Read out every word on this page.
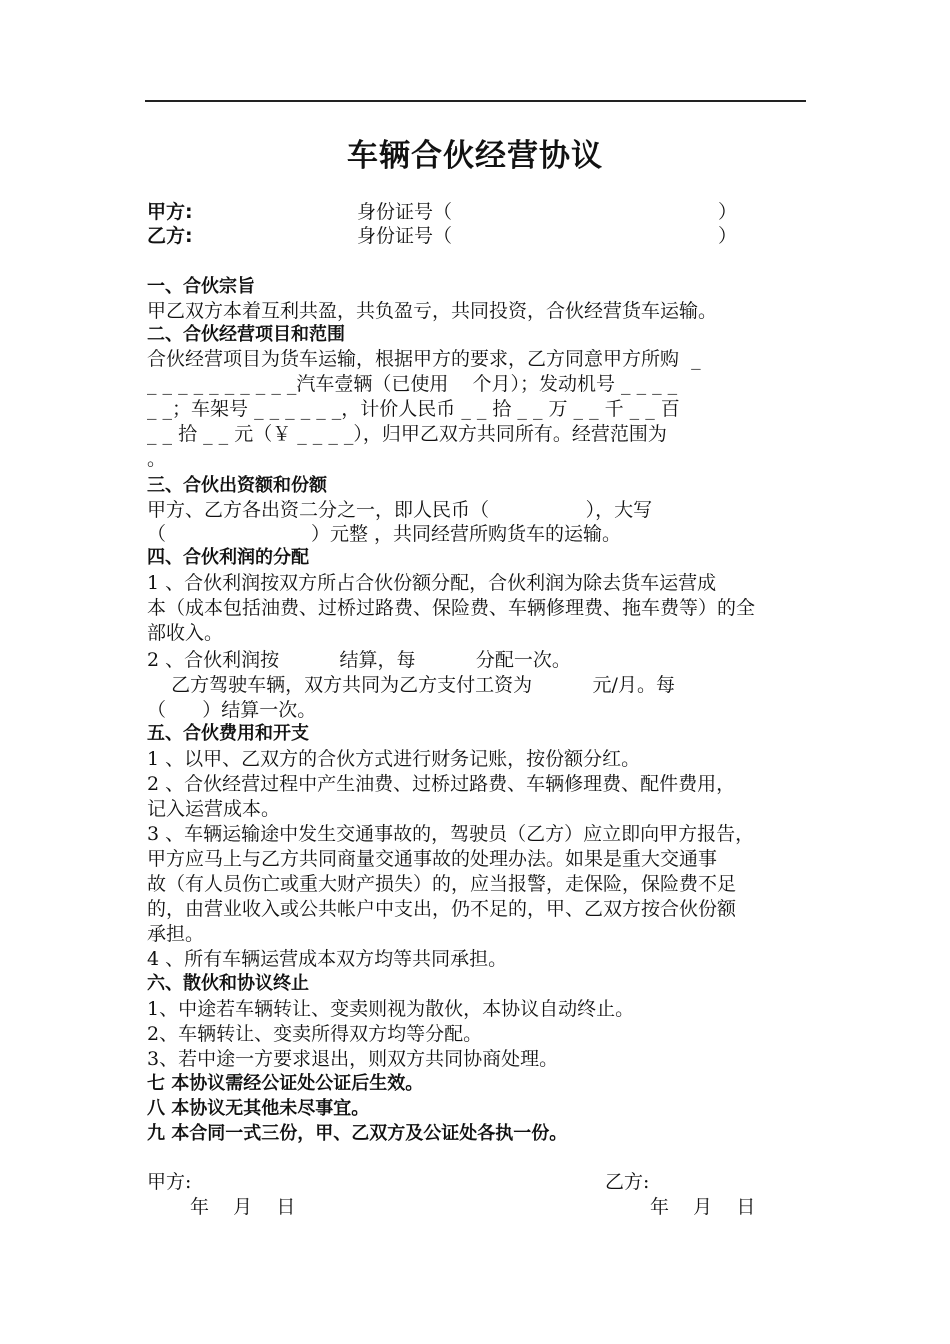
车辆合伙经营协议
甲方:	身份证号（	）
乙方:	身份证号（	）
一、合伙宗旨
甲乙双方本着互利共盈，共负盈亏，共同投资，合伙经营货车运输。
二、合伙经营项目和范围
合伙经营项目为货车运输，根据甲方的要求，乙方同意甲方所购  _
_ _ _ _ _ _ _ _ _ _汽车壹辆（已使用    个月）；发动机号 _ _ _ _
_ _；车架号 _ _ _ _ _ _，计价人民币 _ _ 拾 _ _ 万 _ _ 千 _ _ 百
_ _ 拾 _ _ 元（￥ _ _ _ _），归甲乙双方共同所有。经营范围为
。
三、合伙出资额和份额
甲方、乙方各出资二分之一，即人民币（                ），大写
（                        ）元整 ，共同经营所购货车的运输。
四、合伙利润的分配
1 、合伙利润按双方所占合伙份额分配，合伙利润为除去货车运营成
本（成本包括油费、过桥过路费、保险费、车辆修理费、拖车费等）的全
部收入。
2 、合伙利润按          结算，每          分配一次。
乙方驾驶车辆，双方共同为乙方支付工资为          元/月。每
（      ）结算一次。
五、合伙费用和开支
1 、以甲、乙双方的合伙方式进行财务记账，按份额分红。
2 、合伙经营过程中产生油费、过桥过路费、车辆修理费、配件费用，
记入运营成本。
3 、车辆运输途中发生交通事故的，驾驶员（乙方）应立即向甲方报告，
甲方应马上与乙方共同商量交通事故的处理办法。如果是重大交通事
故（有人员伤亡或重大财产损失）的，应当报警，走保险，保险费不足
的，由营业收入或公共帐户中支出，仍不足的，甲、乙双方按合伙份额
承担。
4 、所有车辆运营成本双方均等共同承担。
六、散伙和协议终止
1、中途若车辆转让、变卖则视为散伙，本协议自动终止。
2、车辆转让、变卖所得双方均等分配。
3、若中途一方要求退出，则双方共同协商处理。
七 本协议需经公证处公证后生效。
八 本协议无其他未尽事宜。
九 本合同一式三份，甲、乙双方及公证处各执一份。
甲方:	乙方:
年    月    日	年    月    日
